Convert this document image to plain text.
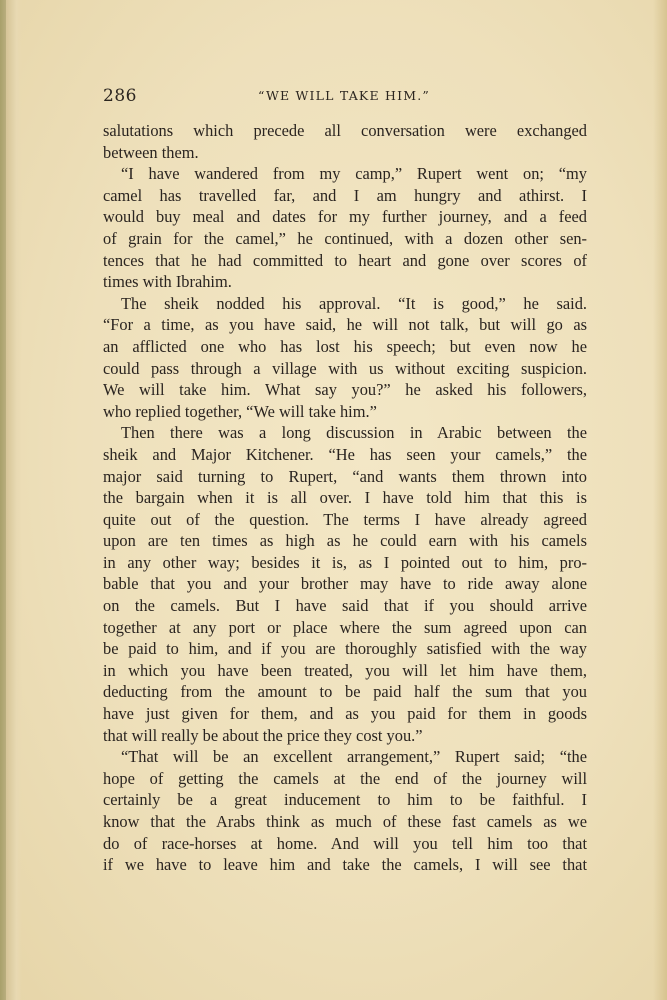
286	“WE WILL TAKE HIM.”
salutations which precede all conversation were exchanged
between them.
“I have wandered from my camp,” Rupert went on; “my
camel has travelled far, and I am hungry and athirst. I
would buy meal and dates for my further journey, and a feed
of grain for the camel,” he continued, with a dozen other sen-
tences that he had committed to heart and gone over scores of
times with Ibrahim.
The sheik nodded his approval. “It is good,” he said.
“For a time, as you have said, he will not talk, but will go as
an afflicted one who has lost his speech; but even now he
could pass through a village with us without exciting suspicion.
We will take him. What say you?” he asked his followers,
who replied together, “We will take him.”
Then there was a long discussion in Arabic between the
sheik and Major Kitchener. “He has seen your camels,” the
major said turning to Rupert, “and wants them thrown into
the bargain when it is all over. I have told him that this is
quite out of the question. The terms I have already agreed
upon are ten times as high as he could earn with his camels
in any other way; besides it is, as I pointed out to him, pro-
bable that you and your brother may have to ride away alone
on the camels. But I have said that if you should arrive
together at any port or place where the sum agreed upon can
be paid to him, and if you are thoroughly satisfied with the way
in which you have been treated, you will let him have them,
deducting from the amount to be paid half the sum that you
have just given for them, and as you paid for them in goods
that will really be about the price they cost you.”
“That will be an excellent arrangement,” Rupert said; “the
hope of getting the camels at the end of the journey will
certainly be a great inducement to him to be faithful. I
know that the Arabs think as much of these fast camels as we
do of race-horses at home. And will you tell him too that
if we have to leave him and take the camels, I will see that
